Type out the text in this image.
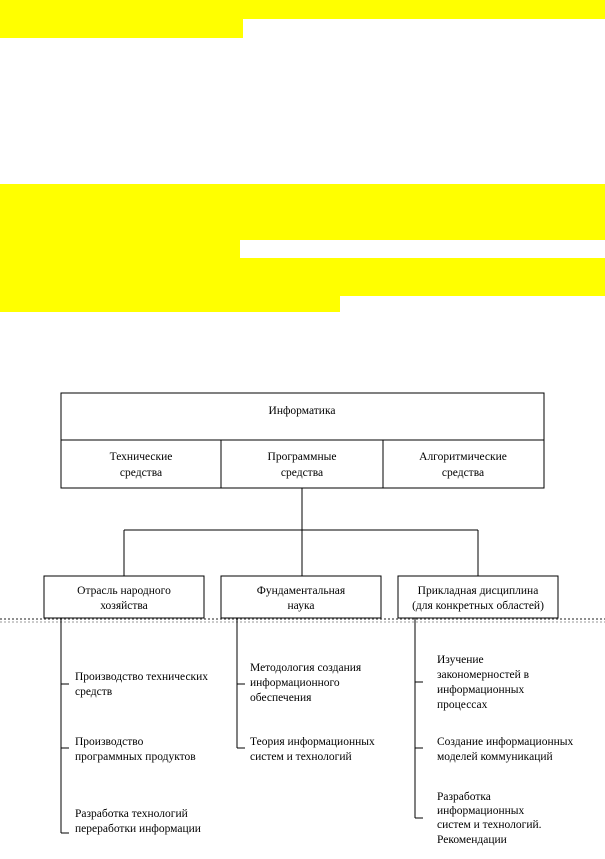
Информатика
Технические
средства
Программные
средства
Алгоритмические
средства
Отрасль народного
хозяйства
Фундаментальная
наука
Прикладная дисциплина
(для конкретных областей)
Производство технических
средств
Производство
программных продуктов
Разработка технологий
переработки информации
Методология создания
информационного
обеспечения
Теория информационных
систем и технологий
Изучение
закономерностей в
информационных
процессах
Создание информационных
моделей коммуникаций
Разработка
информационных
систем и технологий.
Рекомендации
